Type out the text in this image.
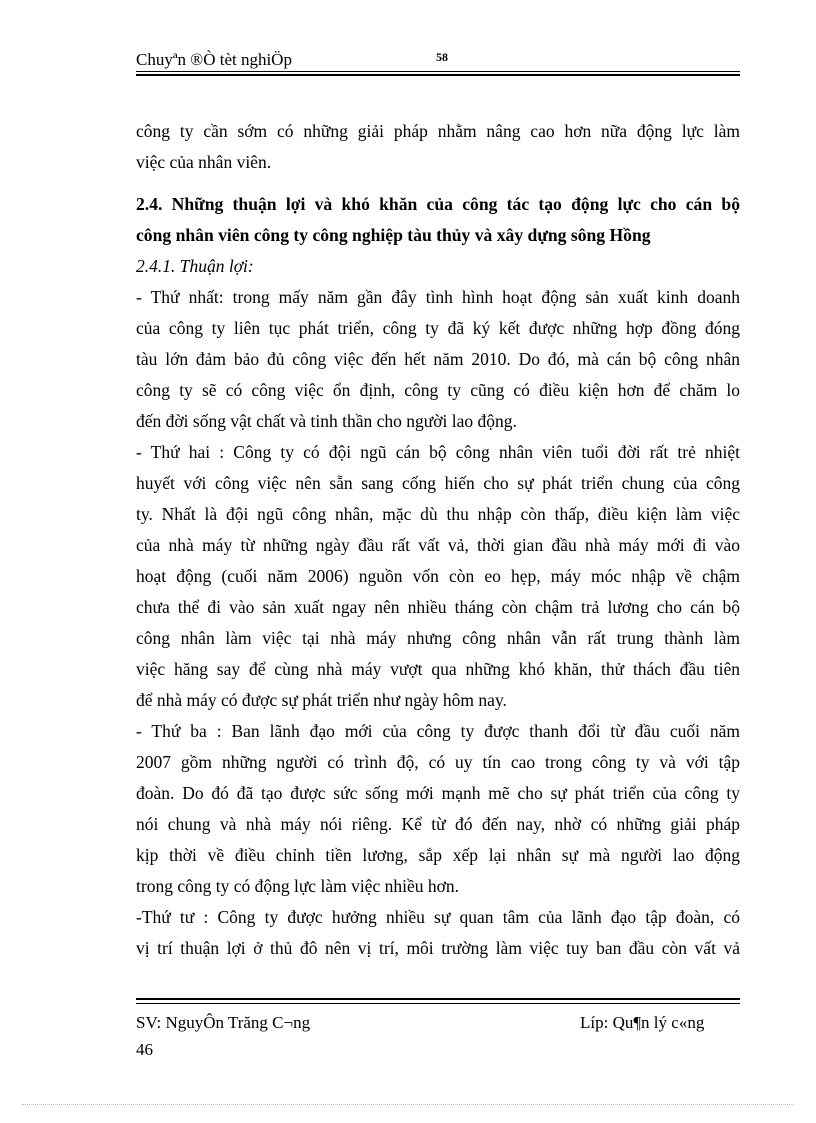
Chuyªn ®Ò tèt nghiÖp	58
công ty cần sớm có những giải pháp nhằm nâng cao hơn nữa động lực làm
việc của nhân viên.
2.4. Những thuận lợi và khó khăn của công tác tạo động lực cho cán bộ
công nhân viên công ty công nghiệp tàu thủy và xây dựng sông Hồng
2.4.1. Thuận lợi:
- Thứ nhất: trong mấy năm gần đây tình hình hoạt động sản xuất kinh doanh
của công ty liên tục phát triển, công ty đã ký kết được những hợp đồng đóng
tàu lớn đảm bảo đủ công việc đến hết năm 2010. Do đó, mà cán bộ công nhân
công ty sẽ có công việc ổn định, công ty cũng có điều kiện hơn để chăm lo
đến đời sống vật chất và tinh thần cho người lao động.
- Thứ hai : Công ty có đội ngũ cán bộ công nhân viên tuổi đời rất trẻ nhiệt
huyết với công việc nên sẵn sang cống hiến cho sự phát triển chung của công
ty. Nhất là đội ngũ công nhân, mặc dù thu nhập còn thấp, điều kiện làm việc
của nhà máy từ những ngày đầu rất vất vả, thời gian đầu nhà máy mới đi vào
hoạt động (cuối năm 2006) nguồn vốn còn eo hẹp, máy móc nhập về chậm
chưa thể đi vào sản xuất ngay nên nhiều tháng còn chậm trả lương cho cán bộ
công nhân làm việc tại nhà máy nhưng công nhân vẫn rất trung thành làm
việc hăng say để cùng nhà máy vượt qua những khó khăn, thử thách đầu tiên
để nhà máy có được sự phát triển như ngày hôm nay.
- Thứ ba : Ban lãnh đạo mới của công ty được thanh đổi từ đầu cuối năm
2007 gồm những người có trình độ, có uy tín cao trong công ty và với tập
đoàn. Do đó đã tạo được sức sống mới mạnh mẽ cho sự phát triển của công ty
nói chung và nhà máy nói riêng. Kể từ đó đến nay, nhờ có những giải pháp
kịp thời về điều chỉnh tiền lương, sắp xếp lại nhân sự mà người lao động
trong công ty có động lực làm việc nhiều hơn.
-Thứ tư : Công ty được hưởng nhiều sự quan tâm của lãnh đạo tập đoàn, có
vị trí thuận lợi ở thủ đô nên vị trí, môi trường làm việc tuy ban đầu còn vất vả
SV: NguyÔn Trăng C¬ng	Líp: Qu¶n lý c«ng
46
